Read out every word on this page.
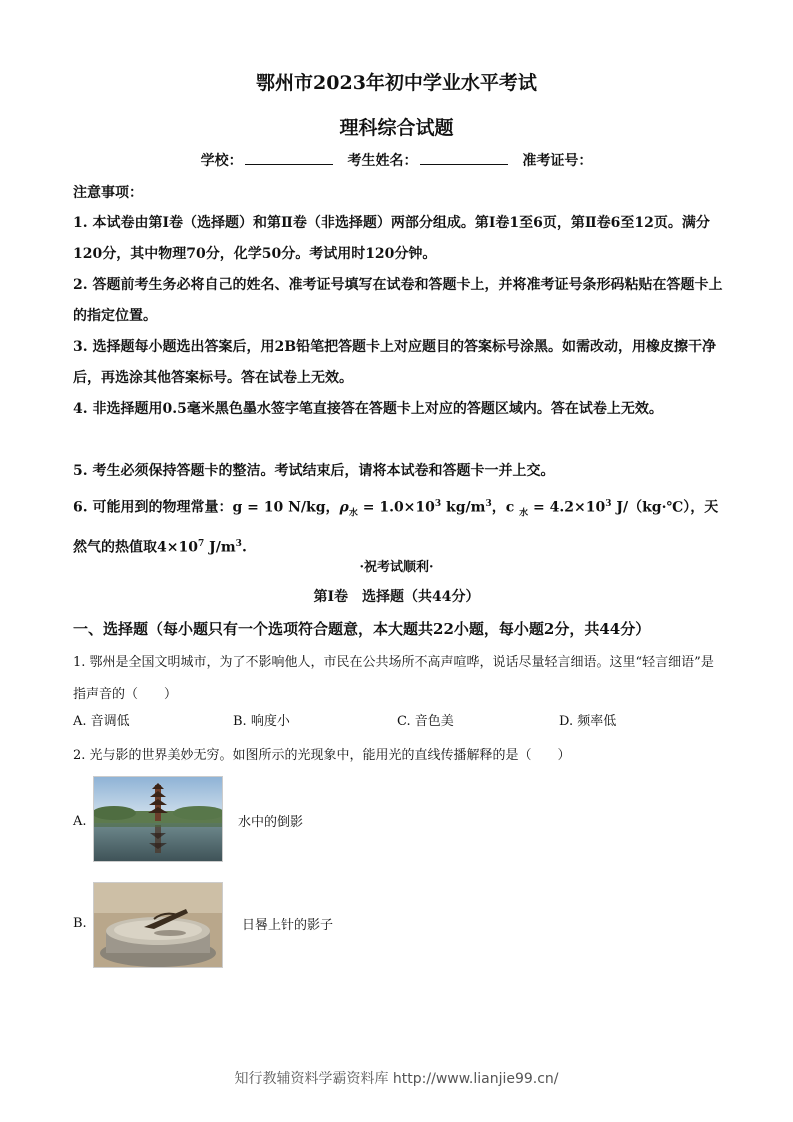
鄂州市2023年初中学业水平考试
理科综合试题
学校：	考生姓名：	准考证号：
注意事项：
1. 本试卷由第Ⅰ卷（选择题）和第Ⅱ卷（非选择题）两部分组成。第Ⅰ卷1至6页，第Ⅱ卷6至12页。满分120分，其中物理70分，化学50分。考试用时120分钟。
2. 答题前考生务必将自己的姓名、准考证号填写在试卷和答题卡上，并将准考证号条形码粘贴在答题卡上的指定位置。
3. 选择题每小题选出答案后，用2B铅笔把答题卡上对应题目的答案标号涂黑。如需改动，用橡皮擦干净后，再选涂其他答案标号。答在试卷上无效。
4. 非选择题用0.5毫米黑色墨水签字笔直接答在答题卡上对应的答题区域内。答在试卷上无效。
5. 考生必须保持答题卡的整洁。考试结束后，请将本试卷和答题卡一并上交。
6. 可能用到的物理常量：g = 10 N/kg，$\rho_水 = 1.0\times 10^3$ $kg/m^3$，c $_水 = 4.2\times 10^3$ J/（kg·℃），天然气的热值取$4\times 10^7$ $J/m^3$.
·祝考试顺利·
第Ⅰ卷　选择题（共44分）
一、选择题（每小题只有一个选项符合题意，本大题共22小题，每小题2分，共44分）
1. 鄂州是全国文明城市，为了不影响他人，市民在公共场所不高声喧哗，说话尽量轻言细语。这里“轻言细语”是指声音的（　　）
A. 音调低	B. 响度小	C. 音色美	D. 频率低
2. 光与影的世界美妙无穷。如图所示的光现象中，能用光的直线传播解释的是（　　）
A.	水中的倒影
B.	日晷上针的影子
知行教辅资料学霸资料库 http://www.lianjie99.cn/
